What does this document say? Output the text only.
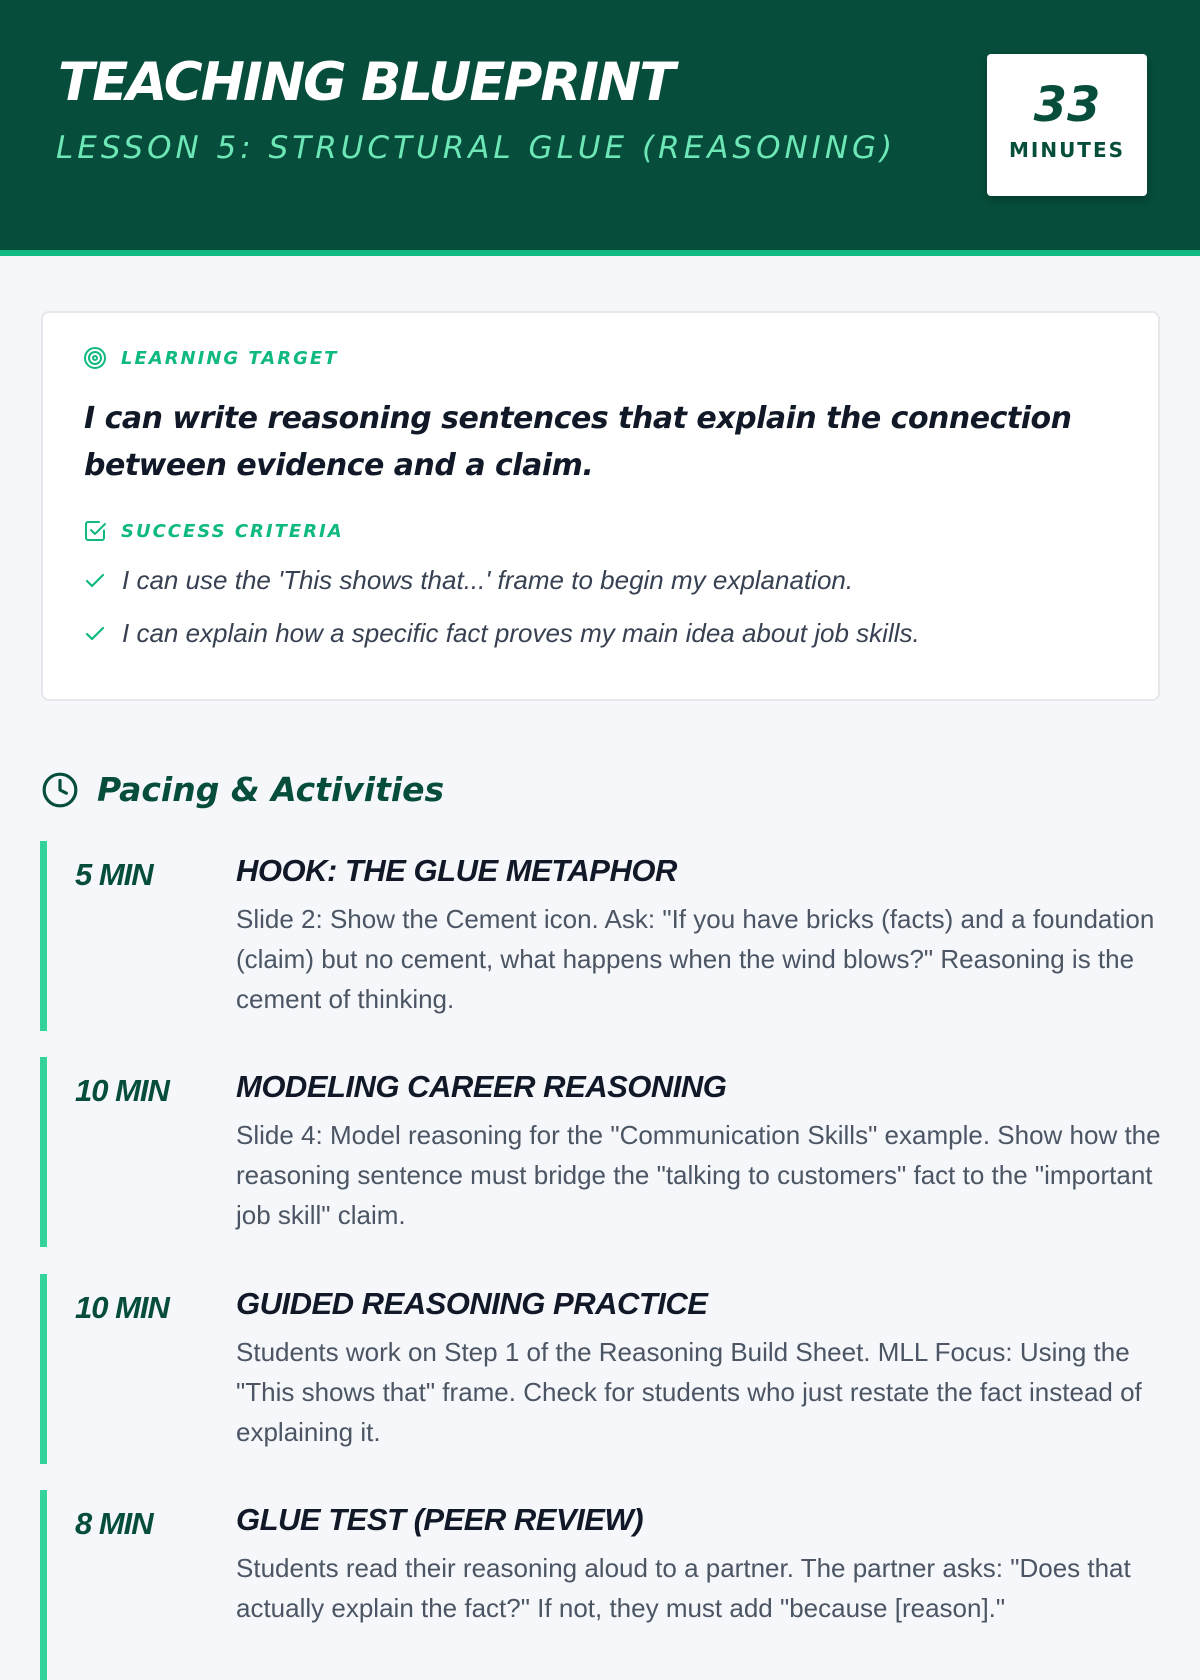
TEACHING BLUEPRINT
LESSON 5: STRUCTURAL GLUE (REASONING)
33
MINUTES
LEARNING TARGET

I can write reasoning sentences that explain the connection between evidence and a claim.

SUCCESS CRITERIA
I can use the 'This shows that...' frame to begin my explanation.
I can explain how a specific fact proves my main idea about job skills.
Pacing & Activities
5 MIN	HOOK: THE GLUE METAPHOR

Slide 2: Show the Cement icon. Ask: "If you have bricks (facts) and a foundation (claim) but no cement, what happens when the wind blows?" Reasoning is the cement of thinking.

10 MIN MODELING CAREER REASONING

Slide 4: Model reasoning for the "Communication Skills" example. Show how the reasoning sentence must bridge the "talking to customers" fact to the "important job skill" claim.

10 MIN GUIDED REASONING PRACTICE

Students work on Step 1 of the Reasoning Build Sheet. MLL Focus: Using the "This shows that" frame. Check for students who just restate the fact instead of explaining it.

8 MIN	GLUE TEST (PEER REVIEW)

Students read their reasoning aloud to a partner. The partner asks: "Does that actually explain the fact?" If not, they must add "because [reason]."
